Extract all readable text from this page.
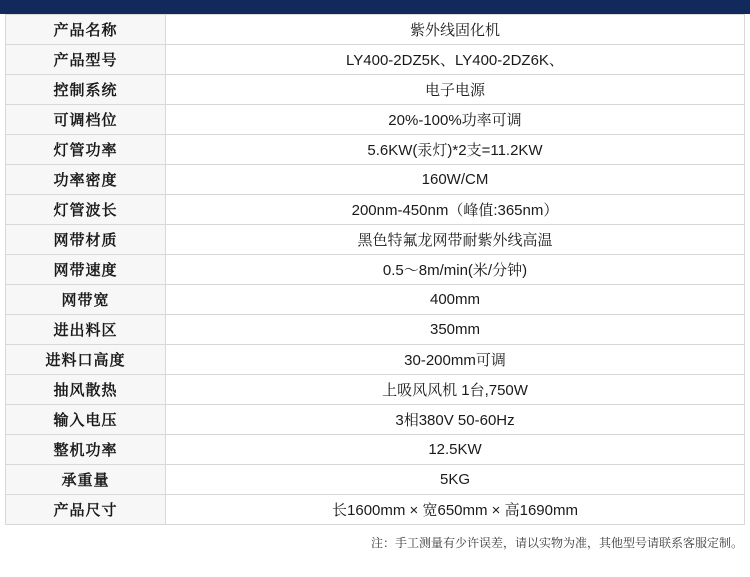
产品名称	紫外线固化机
产品型号	LY400-2DZ5K、LY400-2DZ6K、
控制系统	电子电源
可调档位	20%-100%功率可调
灯管功率	5.6KW(汞灯)*2支=11.2KW
功率密度	160W/CM
灯管波长	200nm-450nm（峰值:365nm）
网带材质	黑色特氟龙网带耐紫外线高温
网带速度	0.5～8m/min(米/分钟)
网带宽	400mm
进出料区	350mm
进料口高度	30-200mm可调
抽风散热	上吸风风机 1台,750W
输入电压	3相380V 50-60Hz
整机功率	12.5KW
承重量	5KG
产品尺寸	长1600mm × 宽650mm × 高1690mm
注：手工测量有少许误差，请以实物为准，其他型号请联系客服定制。
